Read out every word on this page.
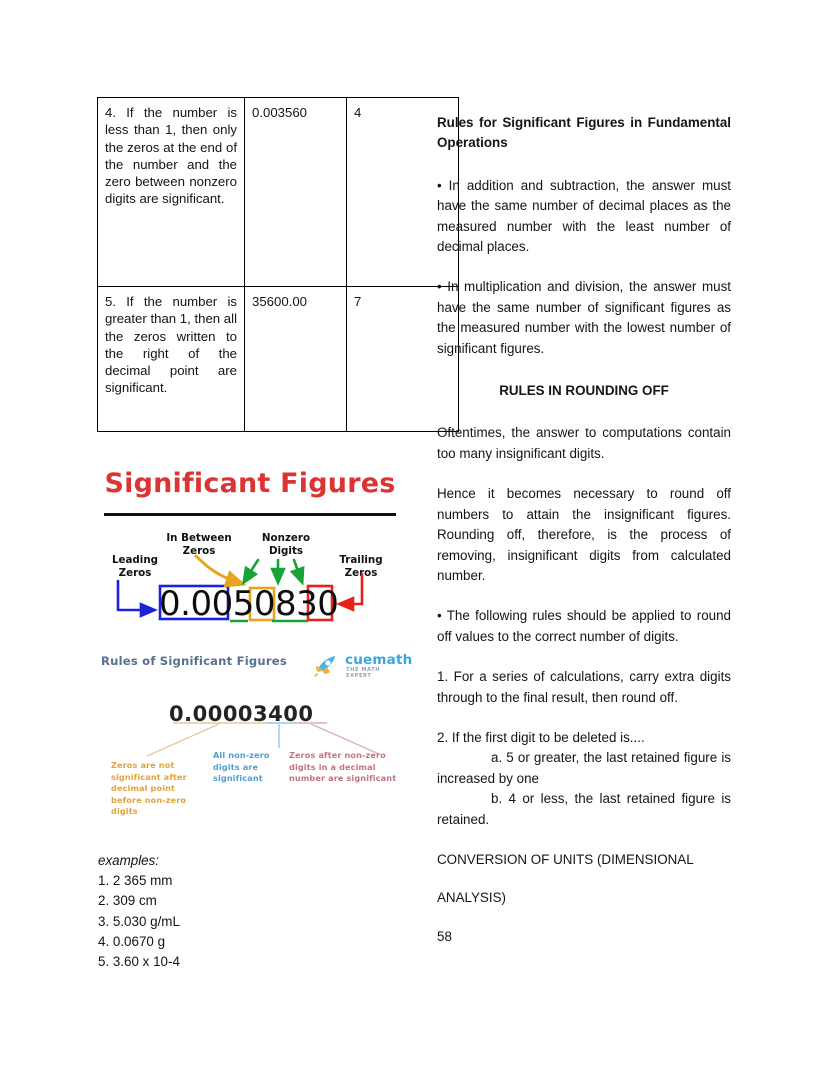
4. If the number is less than 1, then only the zeros at the end of the number and the zero between nonzero digits are significant.	0.003560	4
5. If the number is greater than 1, then all the zeros written to the right of the decimal point are significant.	35600.00	7

Rules for Significant Figures in Fundamental Operations

• In addition and subtraction, the answer must have the same number of decimal places as the measured number with the least number of decimal places.

• In multiplication and division, the answer must have the same number of significant figures as the measured number with the lowest number of significant figures.

RULES IN ROUNDING OFF

Oftentimes, the answer to computations contain too many insignificant digits.

Hence it becomes necessary to round off numbers to attain the insignificant figures. Rounding off, therefore, is the process of removing, insignificant digits from calculated number.

• The following rules should be applied to round off values to the correct number of digits.

1. For a series of calculations, carry extra digits through to the final result, then round off.

2. If the first digit to be deleted is....

a. 5 or greater, the last retained figure is increased by one

b. 4 or less, the last retained figure is retained.

CONVERSION OF UNITS (DIMENSIONAL

ANALYSIS)

58

Significant Figures
Leading
Zeros
In Between
Zeros
Nonzero
Digits
Trailing
Zeros
0.0050830
Rules of Significant Figures	cuemath
THE MATH EXPERT
0.00003400
Zeros are not significant after decimal point before non-zero digits
All non-zero digits are significant
Zeros after non-zero digits in a decimal number are significant

examples:

1. 2 365 mm

2. 309 cm

3. 5.030 g/mL

4. 0.0670 g

5. 3.60 x 10-4
